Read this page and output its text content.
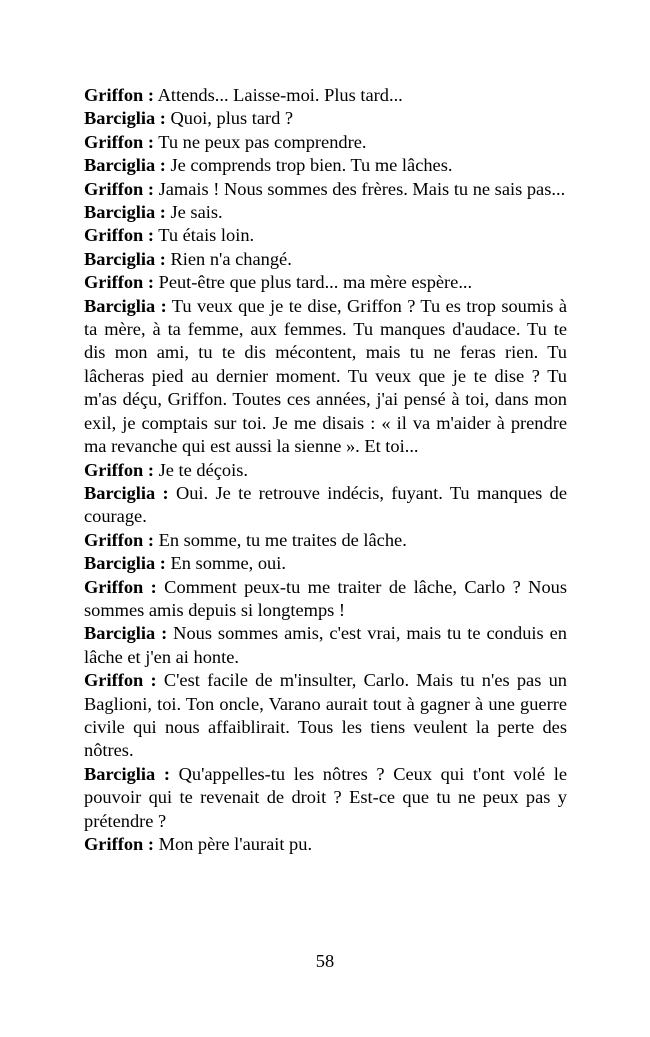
Griffon : Attends... Laisse-moi. Plus tard...
Barciglia : Quoi, plus tard ?
Griffon : Tu ne peux pas comprendre.
Barciglia : Je comprends trop bien. Tu me lâches.
Griffon : Jamais ! Nous sommes des frères. Mais tu ne sais pas...
Barciglia : Je sais.
Griffon : Tu étais loin.
Barciglia : Rien n'a changé.
Griffon : Peut-être que plus tard... ma mère espère...
Barciglia : Tu veux que je te dise, Griffon ? Tu es trop soumis à ta mère, à ta femme, aux femmes. Tu manques d'audace. Tu te dis mon ami, tu te dis mécontent, mais tu ne feras rien. Tu lâcheras pied au dernier moment. Tu veux que je te dise ? Tu m'as déçu, Griffon. Toutes ces années, j'ai pensé à toi, dans mon exil, je comptais sur toi. Je me disais : « il va m'aider à prendre ma revanche qui est aussi la sienne ». Et toi...
Griffon : Je te déçois.
Barciglia : Oui. Je te retrouve indécis, fuyant. Tu manques de courage.
Griffon : En somme, tu me traites de lâche.
Barciglia : En somme, oui.
Griffon : Comment peux-tu me traiter de lâche, Carlo ? Nous sommes amis depuis si longtemps !
Barciglia : Nous sommes amis, c'est vrai, mais tu te conduis en lâche et j'en ai honte.
Griffon : C'est facile de m'insulter, Carlo. Mais tu n'es pas un Baglioni, toi. Ton oncle, Varano aurait tout à gagner à une guerre civile qui nous affaiblirait. Tous les tiens veulent la perte des nôtres.
Barciglia : Qu'appelles-tu les nôtres ? Ceux qui t'ont volé le pouvoir qui te revenait de droit ? Est-ce que tu ne peux pas y prétendre ?
Griffon : Mon père l'aurait pu.
58
